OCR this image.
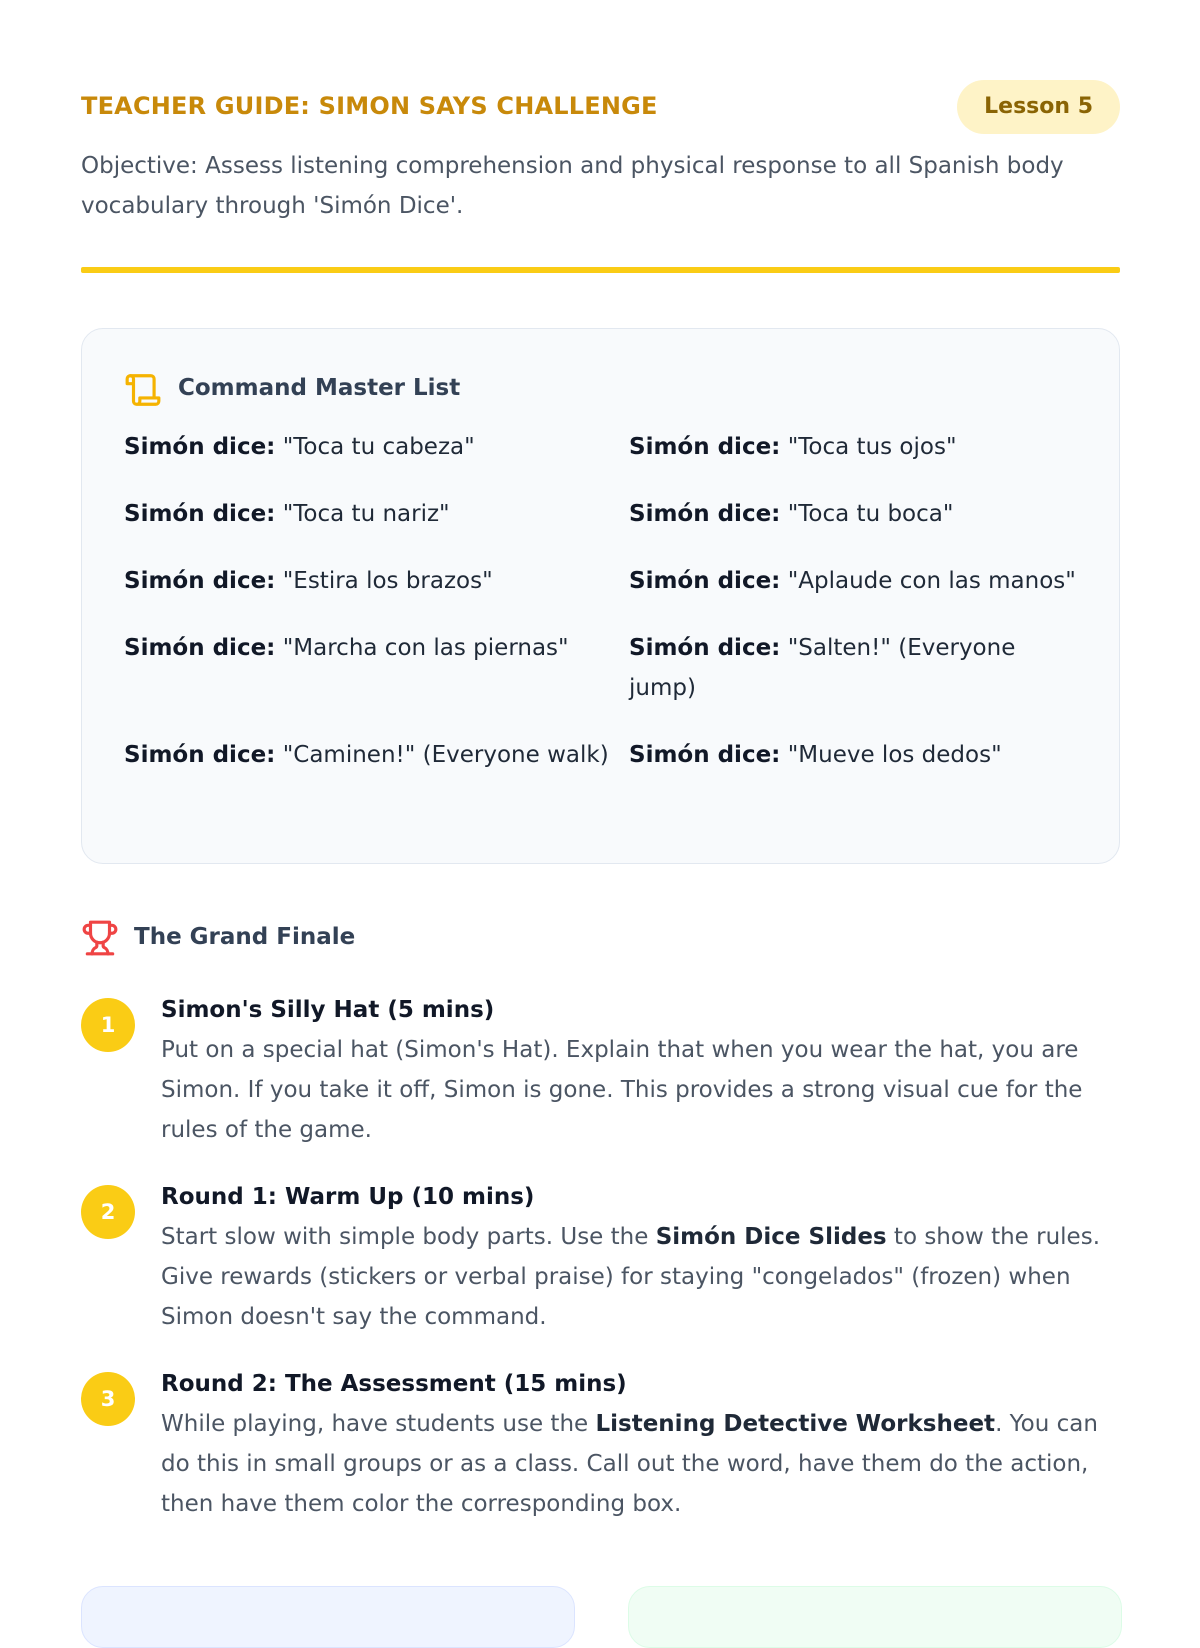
TEACHER GUIDE: SIMON SAYS CHALLENGE	Lesson 5

Objective: Assess listening comprehension and physical response to all Spanish body vocabulary through 'Simón Dice'.

Command Master List
Simón dice: "Toca tu cabeza"	Simón dice: "Toca tus ojos"
Simón dice: "Toca tu nariz"	Simón dice: "Toca tu boca"
Simón dice: "Estira los brazos"	Simón dice: "Aplaude con las manos"
Simón dice: "Marcha con las piernas"	Simón dice: "Salten!" (Everyone jump)
Simón dice: "Caminen!" (Everyone walk) Simón dice: "Mueve los dedos"
The Grand Finale
1
Simon's Silly Hat (5 mins)
Put on a special hat (Simon's Hat). Explain that when you wear the hat, you are Simon. If you take it off, Simon is gone. This provides a strong visual cue for the rules of the game.
2
Round 1: Warm Up (10 mins)
Start slow with simple body parts. Use the Simón Dice Slides to show the rules. Give rewards (stickers or verbal praise) for staying "congelados" (frozen) when Simon doesn't say the command.
3
Round 2: The Assessment (15 mins)
While playing, have students use the Listening Detective Worksheet. You can do this in small groups or as a class. Call out the word, have them do the action, then have them color the corresponding box.
